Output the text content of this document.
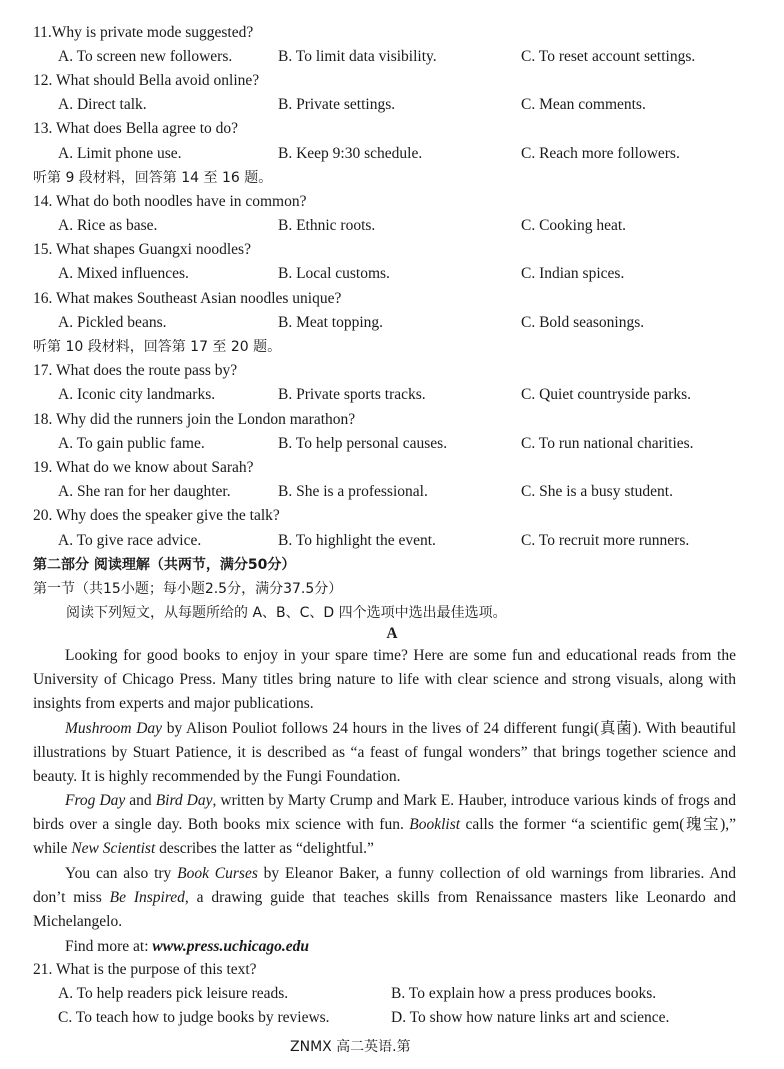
11.Why is private mode suggested?
A. To screen new followers.	B. To limit data visibility.	C. To reset account settings.
12. What should Bella avoid online?
A. Direct talk.	B. Private settings.	C. Mean comments.
13. What does Bella agree to do?
A. Limit phone use.	B. Keep 9:30 schedule.	C. Reach more followers.
听第 9 段材料，回答第 14 至 16 题。
14. What do both noodles have in common?
A. Rice as base.	B. Ethnic roots.	C. Cooking heat.
15. What shapes Guangxi noodles?
A. Mixed influences.	B. Local customs.	C. Indian spices.
16. What makes Southeast Asian noodles unique?
A. Pickled beans.	B. Meat topping.	C. Bold seasonings.
听第 10 段材料，回答第 17 至 20 题。
17. What does the route pass by?
A. Iconic city landmarks.	B. Private sports tracks.	C. Quiet countryside parks.
18. Why did the runners join the London marathon?
A. To gain public fame.	B. To help personal causes.	C. To run national charities.
19. What do we know about Sarah?
A. She ran for her daughter.	B. She is a professional.	C. She is a busy student.
20. Why does the speaker give the talk?
A. To give race advice.	B. To highlight the event.	C. To recruit more runners.
第二部分 阅读理解（共两节，满分50分）
第一节（共15小题；每小题2.5分，满分37.5分）
阅读下列短文，从每题所给的 A、B、C、D 四个选项中选出最佳选项。
A

Looking for good books to enjoy in your spare time? Here are some fun and educational reads from the University of Chicago Press. Many titles bring nature to life with clear science and strong visuals, along with insights from experts and major publications.

Mushroom Day by Alison Pouliot follows 24 hours in the lives of 24 different fungi(真菌). With beautiful illustrations by Stuart Patience, it is described as “a feast of fungal wonders” that brings together science and beauty. It is highly recommended by the Fungi Foundation.

Frog Day and Bird Day, written by Marty Crump and Mark E. Hauber, introduce various kinds of frogs and birds over a single day. Both books mix science with fun. Booklist calls the former “a scientific gem(瑰宝),” while New Scientist describes the latter as “delightful.”

You can also try Book Curses by Eleanor Baker, a funny collection of old warnings from libraries. And don’t miss Be Inspired, a drawing guide that teaches skills from Renaissance masters like Leonardo and Michelangelo.

Find more at: www.press.uchicago.edu

21. What is the purpose of this text?
A. To help readers pick leisure reads.	B. To explain how a press produces books.
C. To teach how to judge books by reviews.	D. To show how nature links art and science.
ZNMX 高二英语.第
